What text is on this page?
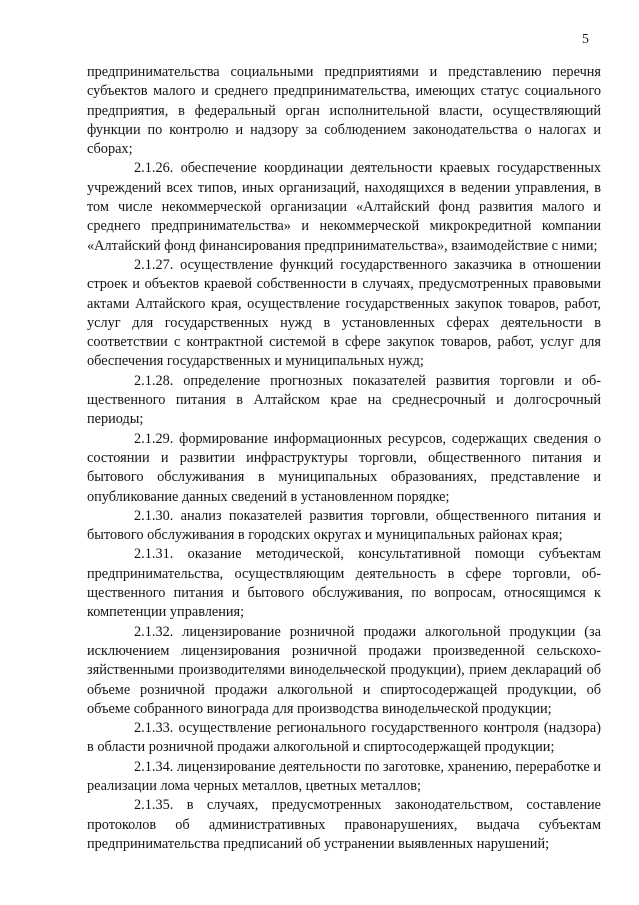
5

предпринимательства социальными предприятиями и представлению перечня субъектов малого и среднего предпринимательства, имеющих статус социального предприятия, в федеральный орган исполнительной власти, осуществляющий функции по контролю и надзору за соблюдением законодательства о налогах и сборах;

2.1.26. обеспечение координации деятельности краевых государственных учреждений всех типов, иных организаций, находящихся в ведении управления, в том числе некоммерческой организации «Алтайский фонд развития малого и среднего предпринимательства» и некоммерческой микрокредитной компании «Алтайский фонд финансирования предпринимательства», взаимодействие с ними;

2.1.27. осуществление функций государственного заказчика в отношении строек и объектов краевой собственности в случаях, предусмотренных правовыми актами Алтайского края, осуществление государственных закупок товаров, работ, услуг для государственных нужд в установленных сферах деятельности в соответствии с контрактной системой в сфере закупок товаров, работ, услуг для обеспечения государственных и муниципальных нужд;

2.1.28. определение прогнозных показателей развития торговли и общественного питания в Алтайском крае на среднесрочный и долгосрочный периоды;

2.1.29. формирование информационных ресурсов, содержащих сведения о состоянии и развитии инфраструктуры торговли, общественного питания и бытового обслуживания в муниципальных образованиях, представление и опубликование данных сведений в установленном порядке;

2.1.30. анализ показателей развития торговли, общественного питания и бытового обслуживания в городских округах и муниципальных районах края;

2.1.31. оказание методической, консультативной помощи субъектам предпринимательства, осуществляющим деятельность в сфере торговли, общественного питания и бытового обслуживания, по вопросам, относящимся к компетенции управления;

2.1.32. лицензирование розничной продажи алкогольной продукции (за исключением лицензирования розничной продажи произведенной сельскохозяйственными производителями винодельческой продукции), прием деклараций об объеме розничной продажи алкогольной и спиртосодержащей продукции, об объеме собранного винограда для производства винодельческой продукции;

2.1.33. осуществление регионального государственного контроля (надзора) в области розничной продажи алкогольной и спиртосодержащей продукции;

2.1.34. лицензирование деятельности по заготовке, хранению, переработке и реализации лома черных металлов, цветных металлов;

2.1.35. в случаях, предусмотренных законодательством, составление протоколов об административных правонарушениях, выдача субъектам предпринимательства предписаний об устранении выявленных нарушений;
